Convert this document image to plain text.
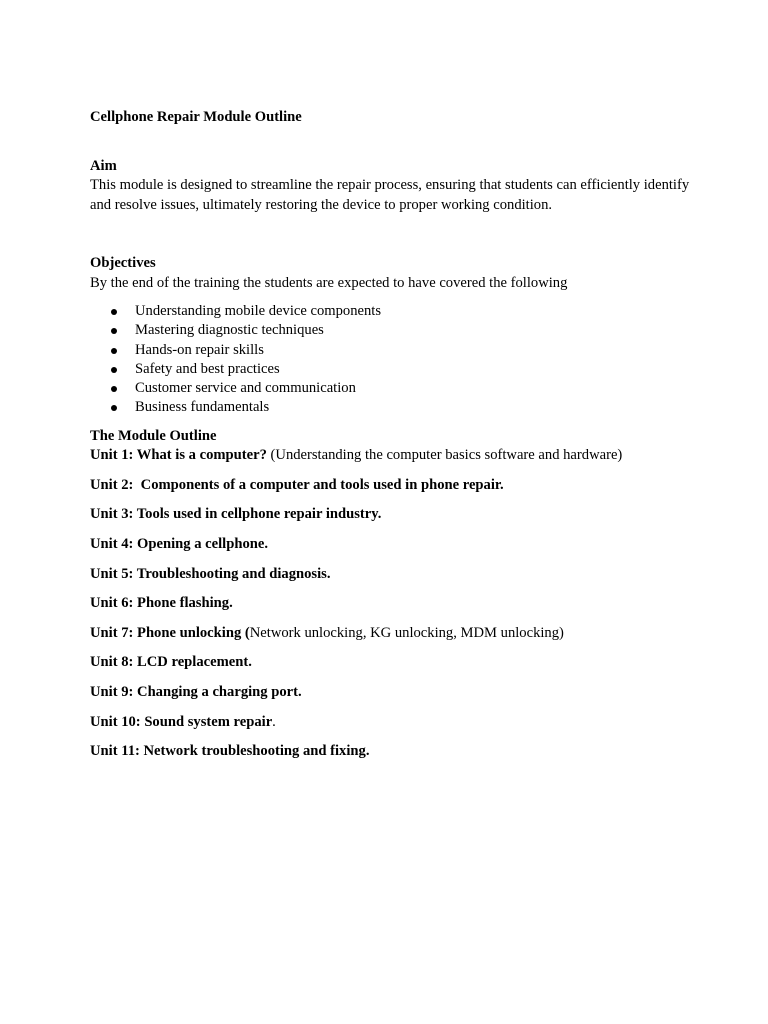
Cellphone Repair Module Outline

Aim

This module is designed to streamline the repair process, ensuring that students can efficiently identify and resolve issues, ultimately restoring the device to proper working condition.

Objectives

By the end of the training the students are expected to have covered the following

Understanding mobile device components
Mastering diagnostic techniques
Hands-on repair skills
Safety and best practices
Customer service and communication
Business fundamentals

The Module Outline

Unit 1: What is a computer? (Understanding the computer basics software and hardware)

Unit 2:  Components of a computer and tools used in phone repair.

Unit 3: Tools used in cellphone repair industry.

Unit 4: Opening a cellphone.

Unit 5: Troubleshooting and diagnosis.

Unit 6: Phone flashing.

Unit 7: Phone unlocking (Network unlocking, KG unlocking, MDM unlocking)

Unit 8: LCD replacement.

Unit 9: Changing a charging port.

Unit 10: Sound system repair.

Unit 11: Network troubleshooting and fixing.
